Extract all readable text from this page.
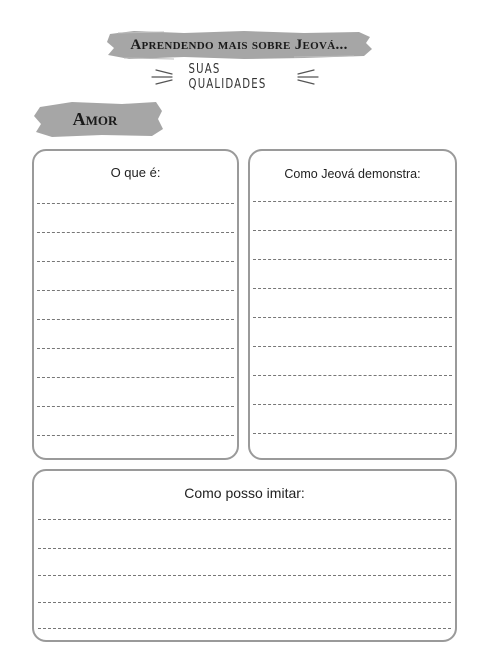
Aprendendo mais sobre Jeová...
SUAS QUALIDADES
Amor
O que é:	Como Jeová demonstra:
Como posso imitar:
